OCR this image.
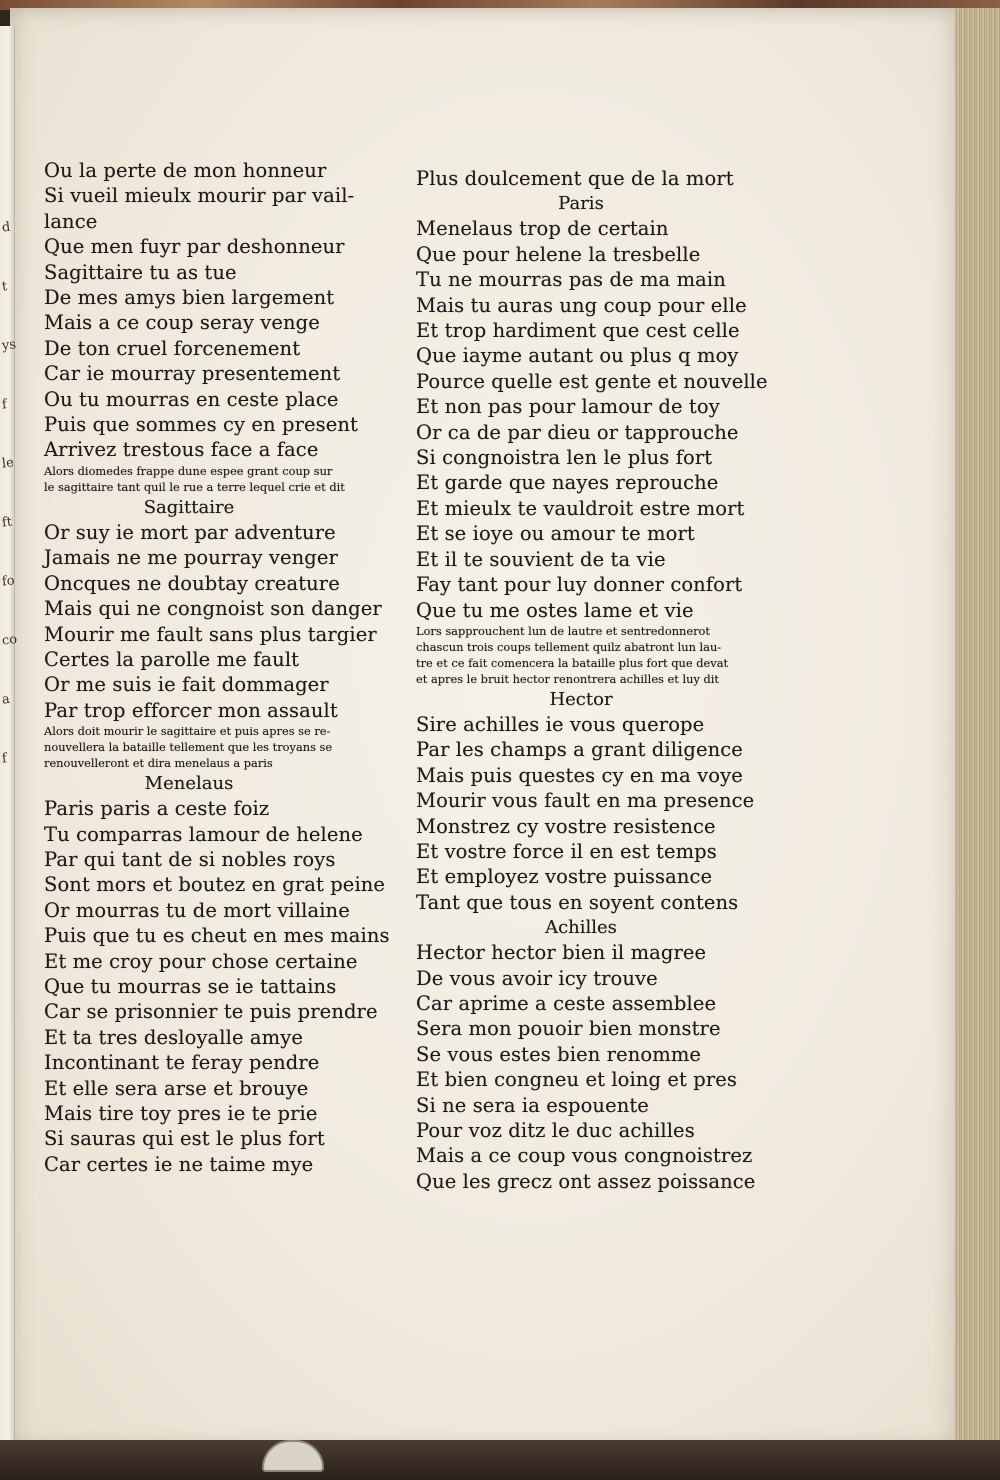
d
t
ys
f
le
ft
fo
co
a
f
Ou la perte de mon honneur
Si vueil mieulx mourir par vail-
lance
Que men fuyr par deshonneur
Sagittaire tu as tue
De mes amys bien largement
Mais a ce coup seray venge
De ton cruel forcenement
Car ie mourray presentement
Ou tu mourras en ceste place
Puis que sommes cy en present
Arrivez trestous face a face
Alors diomedes frappe dune espee grant coup sur
le sagittaire tant quil le rue a terre lequel crie et dit
Sagittaire
Or suy ie mort par adventure
Jamais ne me pourray venger
Oncques ne doubtay creature
Mais qui ne congnoist son danger
Mourir me fault sans plus targier
Certes la parolle me fault
Or me suis ie fait dommager
Par trop efforcer mon assault
Alors doit mourir le sagittaire et puis apres se re-
nouvellera la bataille tellement que les troyans se
renouvelleront et dira menelaus a paris
Menelaus
Paris paris a ceste foiz
Tu comparras lamour de helene
Par qui tant de si nobles roys
Sont mors et boutez en grat peine
Or mourras tu de mort villaine
Puis que tu es cheut en mes mains
Et me croy pour chose certaine
Que tu mourras se ie tattains
Car se prisonnier te puis prendre
Et ta tres desloyalle amye
Incontinant te feray pendre
Et elle sera arse et brouye
Mais tire toy pres ie te prie
Si sauras qui est le plus fort
Car certes ie ne taime mye
Plus doulcement que de la mort
Paris
Menelaus trop de certain
Que pour helene la tresbelle
Tu ne mourras pas de ma main
Mais tu auras ung coup pour elle
Et trop hardiment que cest celle
Que iayme autant ou plus q moy
Pource quelle est gente et nouvelle
Et non pas pour lamour de toy
Or ca de par dieu or tapprouche
Si congnoistra len le plus fort
Et garde que nayes reprouche
Et mieulx te vauldroit estre mort
Et se ioye ou amour te mort
Et il te souvient de ta vie
Fay tant pour luy donner confort
Que tu me ostes lame et vie
Lors sapprouchent lun de lautre et sentredonnerot
chascun trois coups tellement quilz abatront lun lau-
tre et ce fait comencera la bataille plus fort que devat
et apres le bruit hector renontrera achilles et luy dit
Hector
Sire achilles ie vous querope
Par les champs a grant diligence
Mais puis questes cy en ma voye
Mourir vous fault en ma presence
Monstrez cy vostre resistence
Et vostre force il en est temps
Et employez vostre puissance
Tant que tous en soyent contens
Achilles
Hector hector bien il magree
De vous avoir icy trouve
Car aprime a ceste assemblee
Sera mon pouoir bien monstre
Se vous estes bien renomme
Et bien congneu et loing et pres
Si ne sera ia espouente
Pour voz ditz le duc achilles
Mais a ce coup vous congnoistrez
Que les grecz ont assez poissance
